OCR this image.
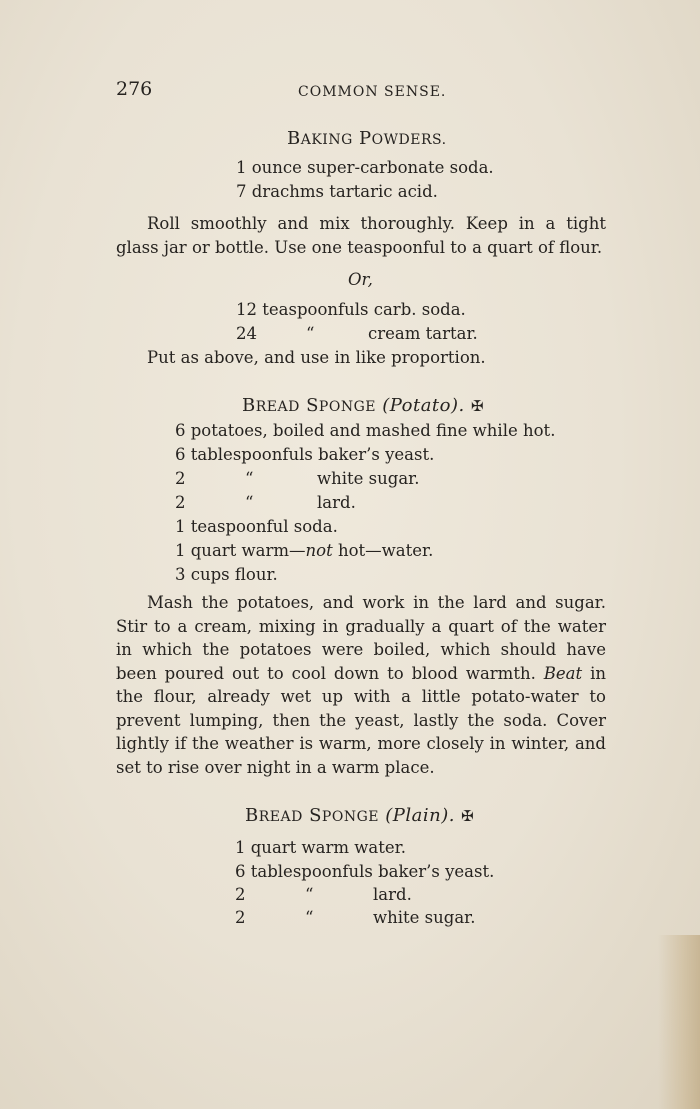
276	COMMON SENSE.
BAKING POWDERS.
1 ounce super-carbonate soda.
7 drachms tartaric acid.

Roll smoothly and mix thoroughly. Keep in a tight glass jar or bottle. Use one teaspoonful to a quart of flour.

Or,
12 teaspoonfuls carb. soda.
24	“	cream tartar.
Put as above, and use in like proportion.
BREAD SPONGE (Potato). ✠
6 potatoes, boiled and mashed fine while hot.
6 tablespoonfuls baker’s yeast.
2	“	white sugar.
2	“	lard.
1 teaspoonful soda.
1 quart warm—not hot—water.
3 cups flour.

Mash the potatoes, and work in the lard and sugar. Stir to a cream, mixing in gradually a quart of the water in which the potatoes were boiled, which should have been poured out to cool down to blood warmth. Beat in the flour, already wet up with a little potato-water to prevent lumping, then the yeast, lastly the soda. Cover lightly if the weather is warm, more closely in winter, and set to rise over night in a warm place.

BREAD SPONGE (Plain). ✠
1 quart warm water.
6 tablespoonfuls baker’s yeast.
2	“	lard.
2	“	white sugar.
